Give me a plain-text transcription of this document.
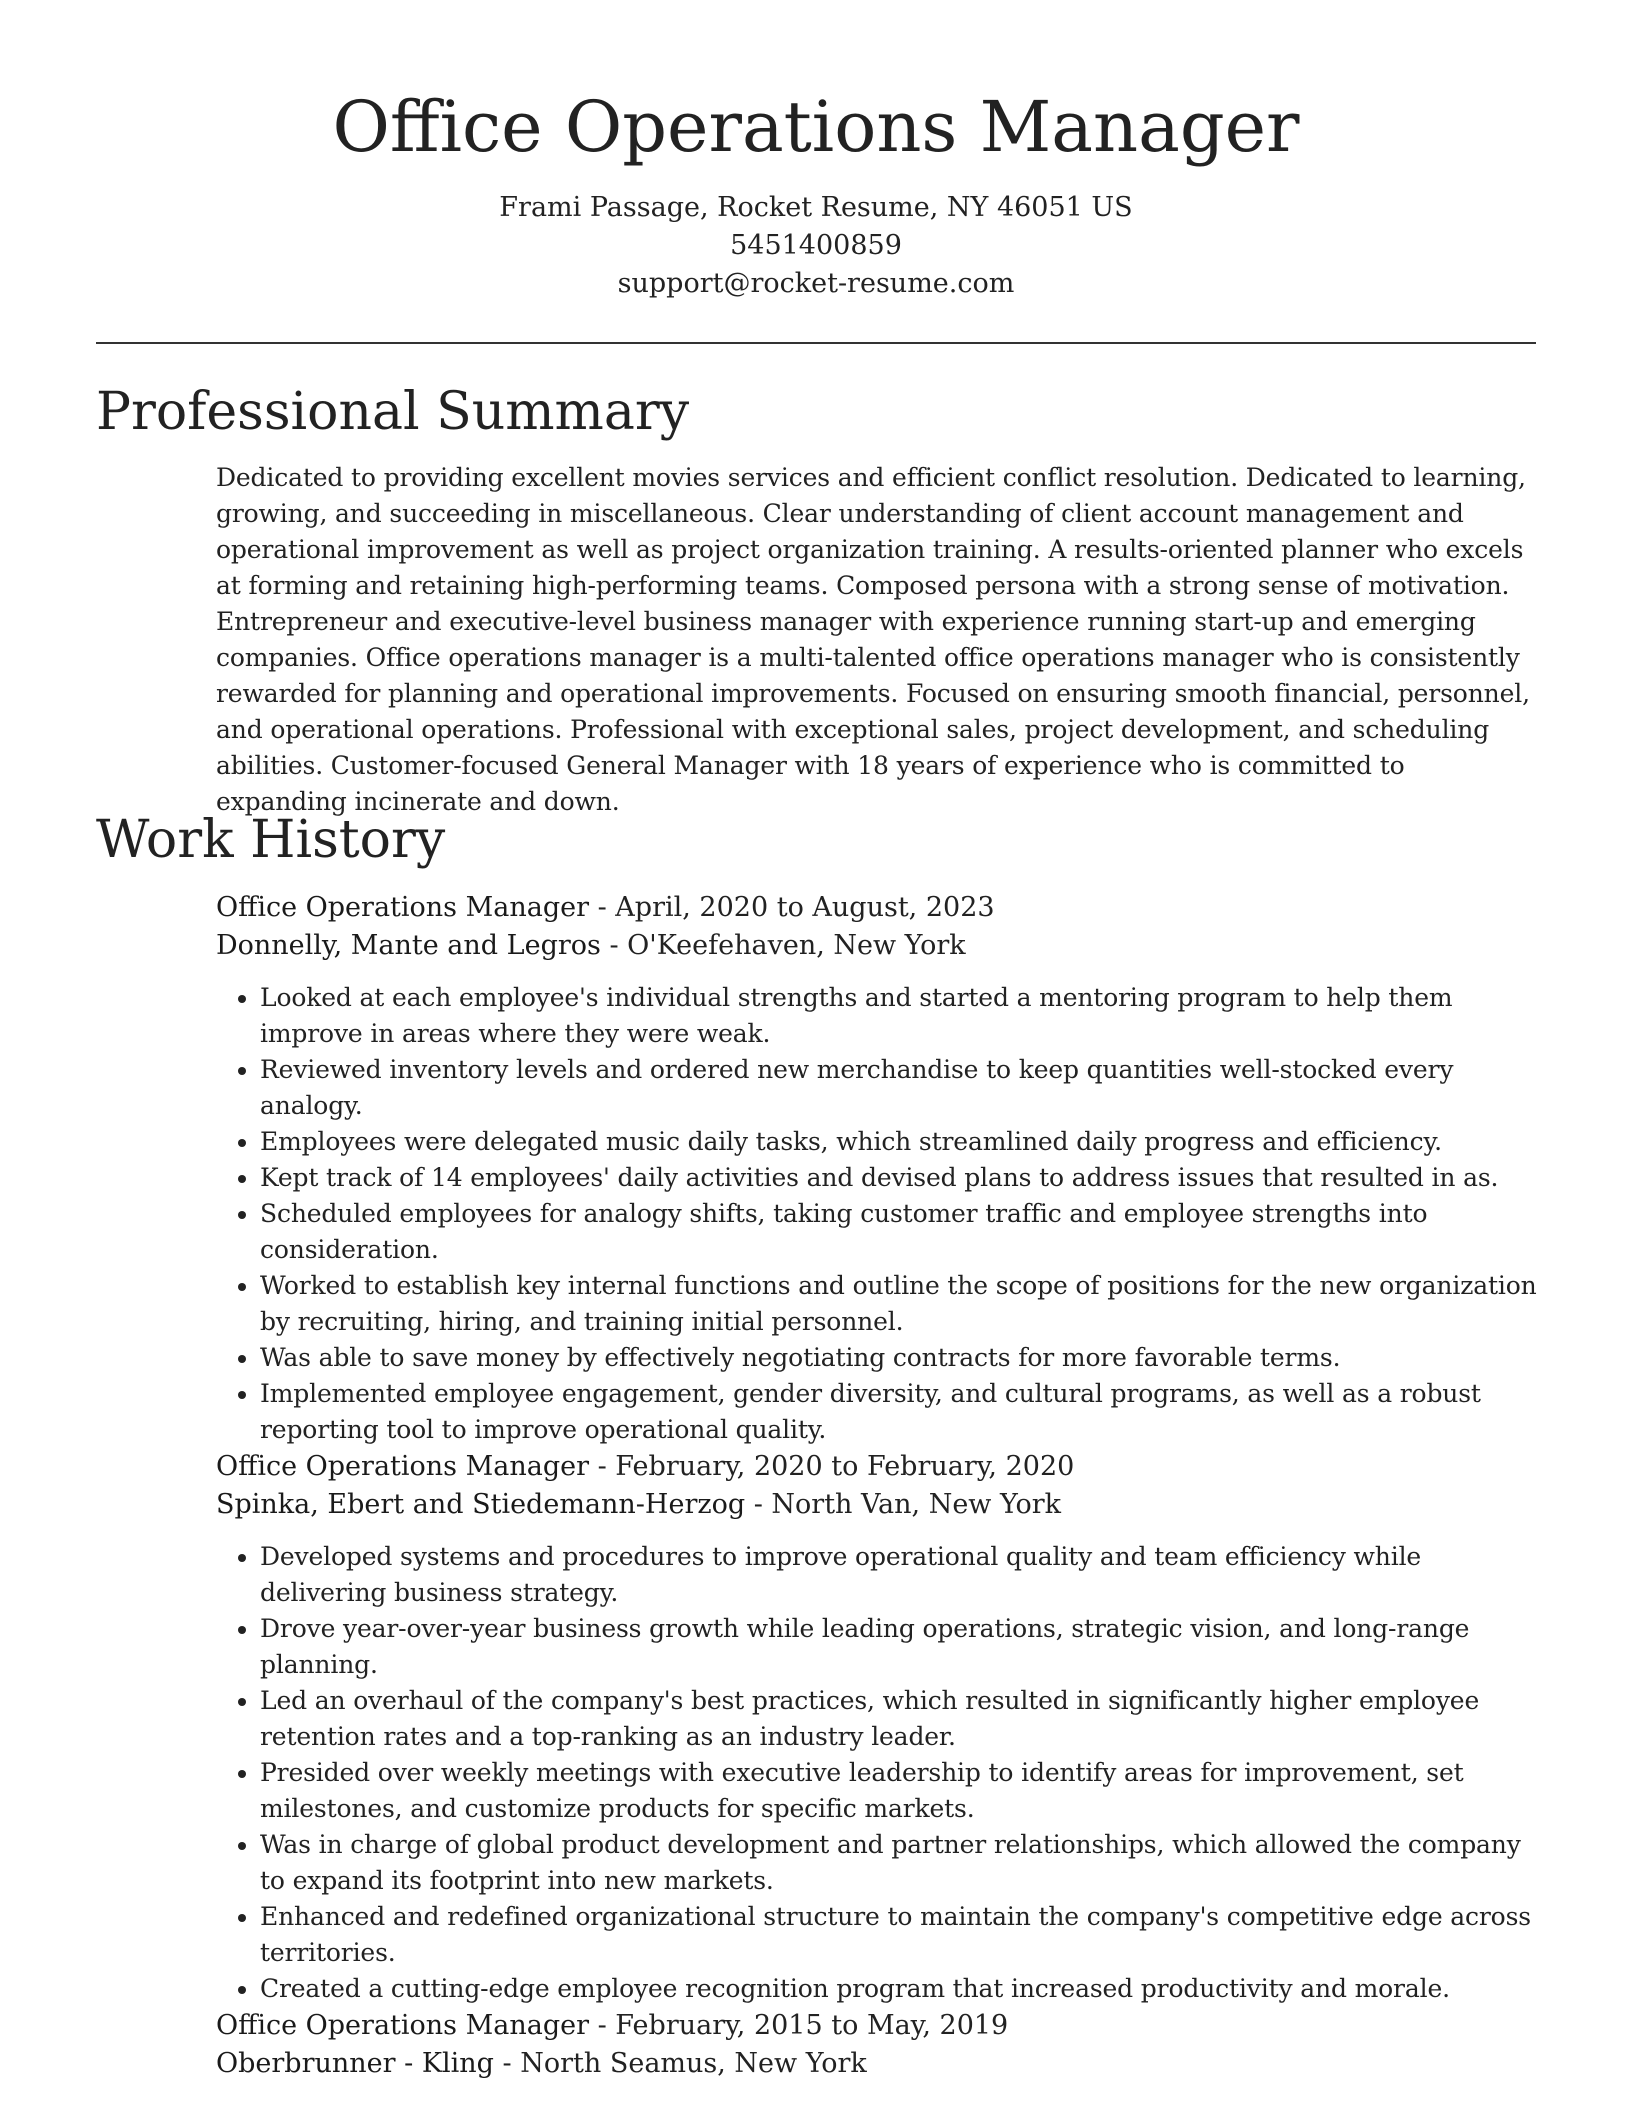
Office Operations Manager
Frami Passage, Rocket Resume, NY 46051 US
5451400859
support@rocket-resume.com
Professional Summary

Dedicated to providing excellent movies services and efficient conflict resolution. Dedicated to learning, growing, and succeeding in miscellaneous. Clear understanding of client account management and operational improvement as well as project organization training. A results-oriented planner who excels at forming and retaining high-performing teams. Composed persona with a strong sense of motivation. Entrepreneur and executive-level business manager with experience running start-up and emerging companies. Office operations manager is a multi-talented office operations manager who is consistently rewarded for planning and operational improvements. Focused on ensuring smooth financial, personnel, and operational operations. Professional with exceptional sales, project development, and scheduling abilities. Customer-focused General Manager with 18 years of experience who is committed to expanding incinerate and down.

Work History
Office Operations Manager - April, 2020 to August, 2023
Donnelly, Mante and Legros - O'Keefehaven, New York
• Looked at each employee's individual strengths and started a mentoring program to help them improve in areas where they were weak.
• Reviewed inventory levels and ordered new merchandise to keep quantities well-stocked every analogy.
• Employees were delegated music daily tasks, which streamlined daily progress and efficiency.
• Kept track of 14 employees' daily activities and devised plans to address issues that resulted in as.
• Scheduled employees for analogy shifts, taking customer traffic and employee strengths into consideration.
• Worked to establish key internal functions and outline the scope of positions for the new organization by recruiting, hiring, and training initial personnel.
• Was able to save money by effectively negotiating contracts for more favorable terms.
• Implemented employee engagement, gender diversity, and cultural programs, as well as a robust reporting tool to improve operational quality.
Office Operations Manager - February, 2020 to February, 2020
Spinka, Ebert and Stiedemann-Herzog - North Van, New York
• Developed systems and procedures to improve operational quality and team efficiency while delivering business strategy.
• Drove year-over-year business growth while leading operations, strategic vision, and long-range planning.
• Led an overhaul of the company's best practices, which resulted in significantly higher employee retention rates and a top-ranking as an industry leader.
• Presided over weekly meetings with executive leadership to identify areas for improvement, set milestones, and customize products for specific markets.
• Was in charge of global product development and partner relationships, which allowed the company to expand its footprint into new markets.
• Enhanced and redefined organizational structure to maintain the company's competitive edge across territories.
• Created a cutting-edge employee recognition program that increased productivity and morale.
Office Operations Manager - February, 2015 to May, 2019
Oberbrunner - Kling - North Seamus, New York
